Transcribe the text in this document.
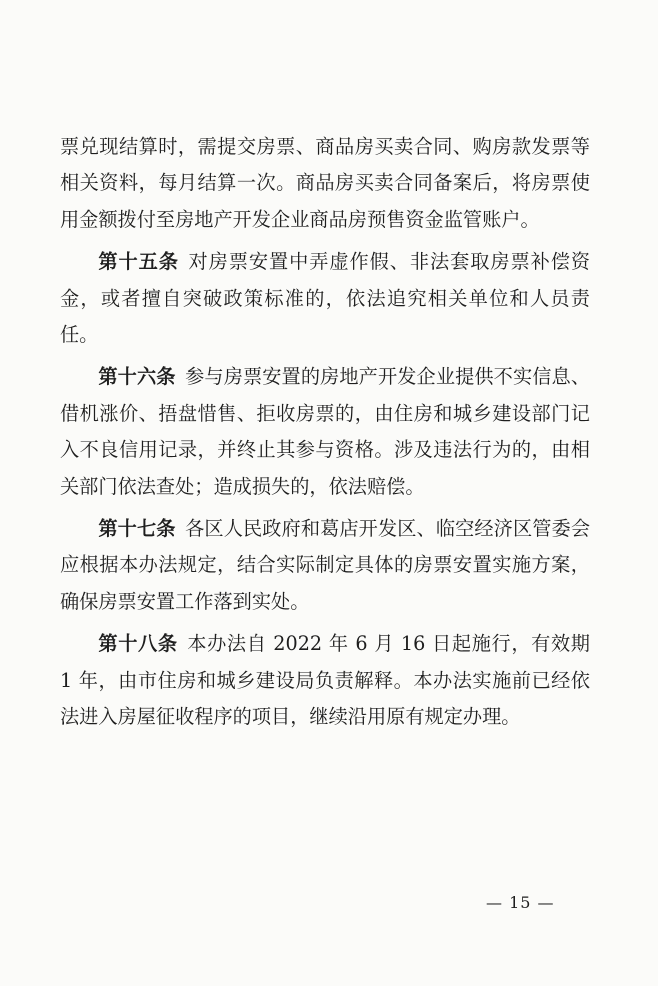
票兑现结算时，需提交房票、商品房买卖合同、购房款发票等相关资料，每月结算一次。商品房买卖合同备案后，将房票使用金额拨付至房地产开发企业商品房预售资金监管账户。

第十五条 对房票安置中弄虚作假、非法套取房票补偿资金，或者擅自突破政策标准的，依法追究相关单位和人员责任。

第十六条 参与房票安置的房地产开发企业提供不实信息、借机涨价、捂盘惜售、拒收房票的，由住房和城乡建设部门记入不良信用记录，并终止其参与资格。涉及违法行为的，由相关部门依法查处；造成损失的，依法赔偿。

第十七条 各区人民政府和葛店开发区、临空经济区管委会应根据本办法规定，结合实际制定具体的房票安置实施方案，确保房票安置工作落到实处。

第十八条 本办法自 2022 年 6 月 16 日起施行，有效期 1 年，由市住房和城乡建设局负责解释。本办法实施前已经依法进入房屋征收程序的项目，继续沿用原有规定办理。

— 15 —
